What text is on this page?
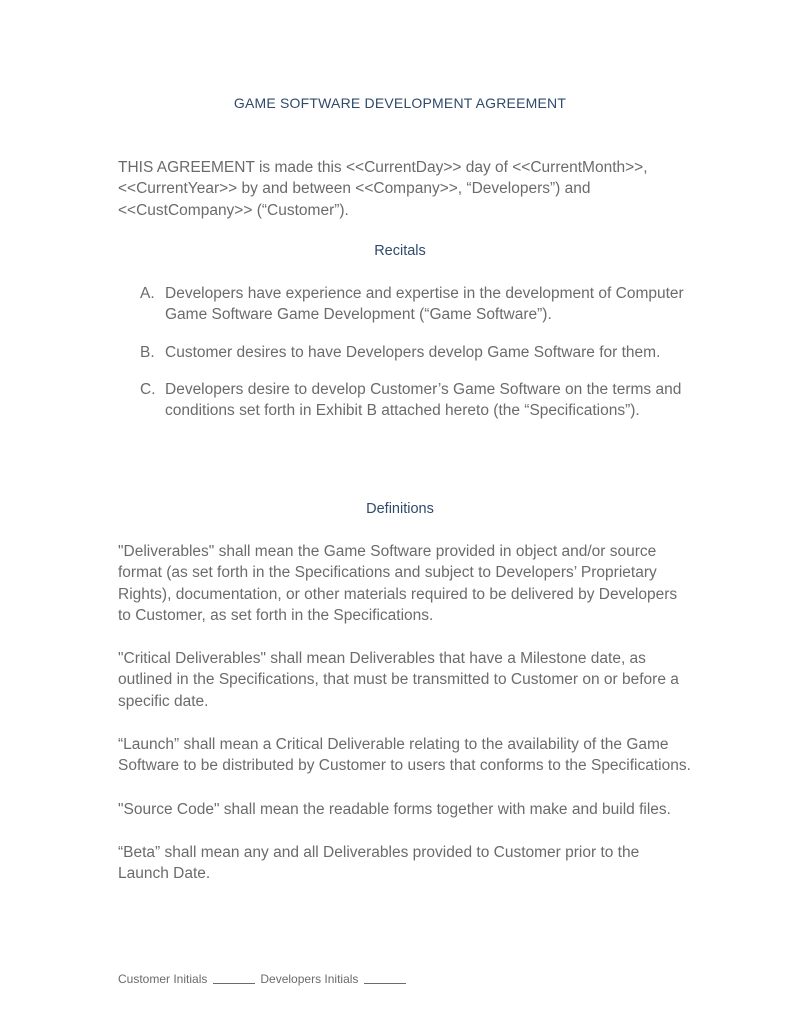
GAME SOFTWARE DEVELOPMENT AGREEMENT

THIS AGREEMENT is made this <<CurrentDay>> day of <<CurrentMonth>>, <<CurrentYear>> by and between <<Company>>, “Developers”) and <<CustCompany>> (“Customer”).

Recitals
A. Developers have experience and expertise in the development of Computer Game Software Game Development (“Game Software”).
B. Customer desires to have Developers develop Game Software for them.
C. Developers desire to develop Customer’s Game Software on the terms and conditions set forth in Exhibit B attached hereto (the “Specifications”).
Definitions

"Deliverables" shall mean the Game Software provided in object and/or source format (as set forth in the Specifications and subject to Developers’ Proprietary Rights), documentation, or other materials required to be delivered by Developers to Customer, as set forth in the Specifications.

"Critical Deliverables" shall mean Deliverables that have a Milestone date, as outlined in the Specifications, that must be transmitted to Customer on or before a specific date.

“Launch” shall mean a Critical Deliverable relating to the availability of the Game Software to be distributed by Customer to users that conforms to the Specifications.

"Source Code" shall mean the readable forms together with make and build files.

“Beta” shall mean any and all Deliverables provided to Customer prior to the Launch Date.

Customer Initials	Developers Initials
